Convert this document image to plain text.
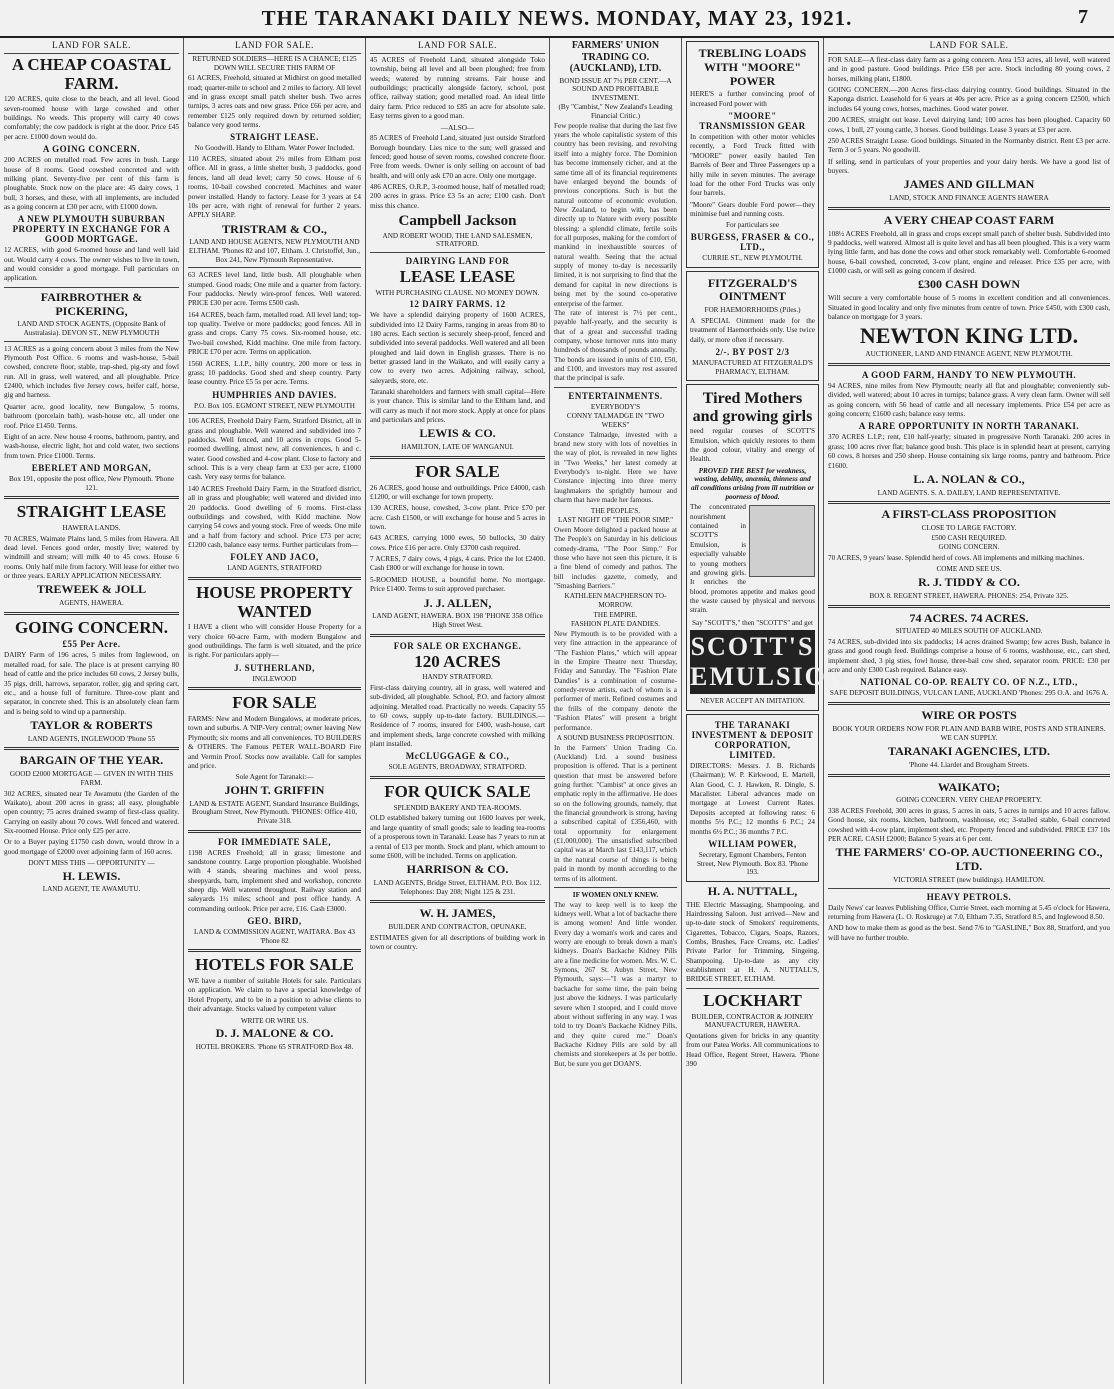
THE TARANAKI DAILY NEWS. MONDAY, MAY 23, 1921.	7
LAND FOR SALE.
A CHEAP COASTAL FARM.
120 ACRES, quite close to the beach, and all level. Good seven-roomed house with large cowshed and other buildings. No weeds. This property will carry 40 cows comfortably; the cow paddock is right at the door. Price £45 per acre. £1000 down would do.
A GOING CONCERN.
200 ACRES on metalled road. Few acres in bush. Large house of 8 rooms. Good cowshed concreted and with milking plant. Seventy-five per cent of this farm is ploughable. Stock now on the place are: 45 dairy cows, 1 bull, 3 horses, and these, with all implements, are included as a going concern at £30 per acre, with £1000 down.
A NEW PLYMOUTH SUBURBAN PROPERTY IN EXCHANGE FOR A GOOD MORTGAGE.
12 ACRES, with good 6-roomed house and land well laid out. Would carry 4 cows. The owner wishes to live in town, and would consider a good mortgage. Full particulars on application.
FAIRBROTHER & PICKERING,
LAND AND STOCK AGENTS, (Opposite Bank of Australasia). DEVON ST., NEW PLYMOUTH
13 ACRES as a going concern about 3 miles from the New Plymouth Post Office. 6 rooms and wash-house, 5-bail cowshed, concrete floor, stable, trap-shed, pig-sty and fowl run. All in grass, well watered, and all ploughable. Price £2400, which includes five Jersey cows, heifer calf, horse, gig and harness.
Quarter acre, good locality, new Bungalow, 5 rooms, bathroom (porcelain bath), wash-house etc, all under one roof. Price £1450. Terms.
Eight of an acre. New house 4 rooms, bathroom, pantry, and wash-house, electric light, hot and cold water, two sections from town. Price £1000. Terms.
EBERLET AND MORGAN,
Box 191, opposite the post office, New Plymouth. 'Phone 121.
STRAIGHT LEASE
HAWERA LANDS.
70 ACRES, Waimate Plains land, 5 miles from Hawera. All dead level. Fences good order, mostly live; watered by windmill and stream; will milk 40 to 45 cows. House 6 rooms. Only half mile from factory. Will lease for either two or three years. EARLY APPLICATION NECESSARY.
TREWEEK & JOLL
AGENTS, HAWERA.
GOING CONCERN.
£55 Per Acre.
DAIRY Farm of 196 acres, 5 miles from Inglewood, on metalled road, for sale. The place is at present carrying 80 head of cattle and the price includes 60 cows, 2 Jersey bulls, 35 pigs, drill, harrows, separator, roller, gig and spring cart, etc., and a house full of furniture. Three-cow plant and separator, in concrete shed. This is an absolutely clean farm and is being sold to wind up a partnership.
TAYLOR & ROBERTS
LAND AGENTS, INGLEWOOD 'Phone 55
BARGAIN OF THE YEAR.
GOOD £2000 MORTGAGE — GIVEN IN WITH THIS FARM.
302 ACRES, situated near Te Awamutu (the Garden of the Waikato), about 200 acres in grass; all easy, ploughable open country; 75 acres drained swamp of first-class quality. Carrying on easily about 70 cows. Well fenced and watered. Six-roomed House. Price only £25 per acre.
Or to a Buyer paying £1750 cash down, would throw in a good mortgage of £2000 over adjoining farm of 160 acres.
DON'T MISS THIS — OPPORTUNITY —
H. LEWIS.
LAND AGENT, TE AWAMUTU.
LAND FOR SALE.
RETURNED SOLDIERS—HERE IS A CHANCE; £125 DOWN WILL SECURE THIS FARM OF
61 ACRES, Freehold, situated at Midhirst on good metalled road; quarter-mile to school and 2 miles to factory. All level and in grass except small patch shelter bush. Two acres turnips, 3 acres oats and new grass. Price £66 per acre, and remember £125 only required down by returned soldier; balance very good terms.
STRAIGHT LEASE.
No Goodwill. Handy to Eltham. Water Power Included.
110 ACRES, situated about 2½ miles from Eltham post office. All in grass, a little shelter bush, 3 paddocks, good fences, land all dead level; carry 50 cows. House of 6 rooms, 10-bail cowshed concreted. Machines and water power installed. Handy to factory. Lease for 3 years at £4 10s per acre, with right of renewal for further 2 years. APPLY SHARP.
TRISTRAM & CO.,
LAND AND HOUSE AGENTS, NEW PLYMOUTH AND ELTHAM. 'Phones 82 and 107, Eltham. J. Christoffel, Jun., Box 241, New Plymouth Representative.
63 ACRES level land, little bush. All ploughable when stumped. Good roads; One mile and a quarter from factory. Four paddocks. Newly wire-proof fences. Well watered. PRICE £30 per acre. Terms £500 cash.
164 ACRES, beach farm, metalled road. All level land; top-top quality. Twelve or more paddocks; good fences. All in grass and crops. Carry 75 cows. Six-roomed house, etc. Two-bail cowshed, Kidd machine. One mile from factory. PRICE £70 per acre. Terms on application.
1560 ACRES, L.I.P., hilly country, 200 more or less in grass; 10 paddocks. Good shed and sheep country. Party lease country. Price £5 5s per acre. Terms.
HUMPHRIES AND DAVIES.
P.O. Box 105. EGMONT STREET, NEW PLYMOUTH
106 ACRES, Freehold Dairy Farm, Stratford District, all in grass and ploughable. Well watered and subdivided into 7 paddocks. Well fenced, and 10 acres in crops. Good 5-roomed dwelling, almost new, all conveniences, h and c. water. Good cowshed and 4-cow plant. Close to factory and school. This is a very cheap farm at £33 per acre, £1000 cash. Very easy terms for balance.
140 ACRES Freehold Dairy Farm, in the Stratford district, all in grass and ploughable; well watered and divided into 20 paddocks. Good dwelling of 6 rooms. First-class outbuildings and cowshed, with Kidd machine. Now carrying 54 cows and young stock. Free of weeds. One mile and a half from factory and school. Price £73 per acre; £1200 cash, balance easy terms. Further particulars from—
FOLEY AND JACO,
LAND AGENTS, STRATFORD
HOUSE PROPERTY WANTED
I HAVE a client who will consider House Property for a very choice 60-acre Farm, with modern Bungalow and good outbuildings. The farm is well situated, and the price is right. For particulars apply—
J. SUTHERLAND,
INGLEWOOD
FOR SALE
FARMS: New and Modern Bungalows, at moderate prices, town and suburbs. A 'NIP-Very central; owner leaving New Plymouth; six rooms and all conveniences. TO BUILDERS & OTHERS. The Famous PETER WALL-BOARD Fire and Vermin Proof. Stocks now available. Call for samples and price.
Sole Agent for Taranaki:—
JOHN T. GRIFFIN
LAND & ESTATE AGENT, Standard Insurance Buildings, Brougham Street, New Plymouth. 'PHONES: Office 410, Private 318.
FOR IMMEDIATE SALE,
1198 ACRES Freehold; all in grass; limestone and sandstone country. Large proportion ploughable. Woolshed with 4 stands, shearing machines and wool press, sheepyards, barn, implement shed and workshop, concrete sheep dip. Well watered throughout. Railway station and saleyards 1½ miles; school and post office handy. A commanding outlook. Price per acre, £16. Cash £3000.
GEO. BIRD,
LAND & COMMISSION AGENT, WAITARA. Box 43 'Phone 82
HOTELS FOR SALE
WE have a number of suitable Hotels for sale. Particulars on application. We claim to have a special knowledge of Hotel Property, and to be in a position to advise clients to their advantage. Stocks valued by competent valuer
WRITE OR WIRE US.
D. J. MALONE & CO.
HOTEL BROKERS. 'Phone 65 STRATFORD Box 48.
LAND FOR SALE.
45 ACRES of Freehold Land, situated alongside Toko township, being all level and all been ploughed; free from weeds; watered by running streams. Fair house and outbuildings; practically alongside factory, school, post office, railway station; good metalled road. An ideal little dairy farm. Price reduced to £85 an acre for absolute sale. Easy terms given to a good man.
—ALSO—
85 ACRES of Freehold Land, situated just outside Stratford Borough boundary. Lies nice to the sun; well grassed and fenced; good house of seven rooms, cowshed concrete floor. Free from weeds. Owner is only selling on account of bad health, and will only ask £70 an acre. Only one mortgage.
486 ACRES, O.R.P., 3-roomed house, half of metalled road; 200 acres in grass. Price £3 5s an acre; £100 cash. Don't miss this chance.
Campbell Jackson
AND ROBERT WOOD, THE LAND SALESMEN, STRATFORD.
DAIRYING LAND FOR
LEASE LEASE
WITH PURCHASING CLAUSE. NO MONEY DOWN.
12 DAIRY FARMS. 12
We have a splendid dairying property of 1600 ACRES, subdivided into 12 Dairy Farms, ranging in areas from 80 to 180 acres. Each section is securely sheep-proof, fenced and subdivided into several paddocks. Well watered and all been ploughed and laid down in English grasses. There is no better grassed land in the Waikato, and will easily carry a cow to every two acres. Adjoining railway, school, saleyards, store, etc.
Taranaki shareholders and farmers with small capital—Here is your chance. This is similar land to the Eltham land, and will carry as much if not more stock. Apply at once for plans and particulars and prices.
LEWIS & CO.
HAMILTON, LATE OF WANGANUI.
FOR SALE
26 ACRES, good house and outbuildings. Price £4000, cash £1200, or will exchange for town property.
130 ACRES, house, cowshed, 3-cow plant. Price £70 per acre. Cash £1500, or will exchange for house and 5 acres in town.
643 ACRES, carrying 1000 ewes, 50 bullocks, 30 dairy cows. Price £16 per acre. Only £3700 cash required.
7 ACRES, 7 dairy cows, 4 pigs, 4 cans. Price the lot £2400. Cash £800 or will exchange for house in town.
5-ROOMED HOUSE, a bountiful home. No mortgage. Price £1400. Terms to suit approved purchaser.
J. J. ALLEN,
LAND AGENT, HAWERA. BOX 198 'PHONE 358 Office High Street West.
FOR SALE OR EXCHANGE.
120 ACRES
HANDY STRATFORD.
First-class dairying country, all in grass, well watered and sub-divided, all ploughable. School, P.O. and factory almost adjoining. Metalled road. Practically no weeds. Capacity 55 to 60 cows, supply up-to-date factory. BUILDINGS.—Residence of 7 rooms, insured for £400, wash-house, cart and implement sheds, large concrete cowshed with milking plant installed.
McCLUGGAGE & CO.,
SOLE AGENTS, BROADWAY, STRATFORD.
FOR QUICK SALE
SPLENDID BAKERY AND TEA-ROOMS.
OLD established bakery turning out 1600 loaves per week, and large quantity of small goods; sale to leading tea-rooms of a prosperous town in Taranaki. Lease has 7 years to run at a rental of £13 per month. Stock and plant, which amount to some £600, will be included. Terms on application.
HARRISON & CO.
LAND AGENTS, Bridge Street, ELTHAM. P.O. Box 112. Telephones: Day 208; Night 125 & 231.
W. H. JAMES,
BUILDER AND CONTRACTOR, OPUNAKE.
ESTIMATES given for all descriptions of building work in town or country.
FARMERS' UNION TRADING CO. (AUCKLAND), LTD.
BOND ISSUE AT 7½ PER CENT.—A SOUND AND PROFITABLE INVESTMENT.
(By "Cambist," New Zealand's Leading Financial Critic.)
Few people realise that during the last five years the whole capitalistic system of this country has been revising, and revolving itself into a mighty force. The Dominion has become immensely richer, and at the same time all of its financial requirements have enlarged beyond the bounds of previous conceptions. Such is but the natural outcome of economic evolution. New Zealand, to begin with, has been directly up to Nature with every possible blessing: a splendid climate, fertile soils for all purposes, making for the comfort of mankind in inexhaustible sources of natural wealth. Seeing that the actual supply of money to-day is necessarily limited, it is not surprising to find that the demand for capital in new directions is being met by the sound co-operative enterprise of the farmer.
The rate of interest is 7½ per cent., payable half-yearly, and the security is that of a great and successful trading company, whose turnover runs into many hundreds of thousands of pounds annually. The bonds are issued in units of £10, £50, and £100, and investors may rest assured that the principal is safe.
ENTERTAINMENTS.
EVERYBODY'S
CONNY TALMADGE IN "TWO WEEKS"
Constance Talmadge, invested with a brand new story with lots of novelties in the way of plot, is revealed in new lights in "Two Weeks," her latest comedy at Everybody's to-night. Here we have Constance injecting into three merry laughmakers the sprightly humour and charm that have made her famous.
THE PEOPLE'S.
LAST NIGHT OF "THE POOR SIMP."
Owen Moore delighted a packed house at The People's on Saturday in his delicious comedy-drama, "The Poor Simp." For those who have not seen this picture, it is a fine blend of comedy and pathos. The bill includes gazette, comedy, and "Smashing Barriers."
KATHLEEN MACPHERSON TO-MORROW.
THE EMPIRE.
FASHION PLATE DANDIES.
New Plymouth is to be provided with a very fine attraction in the appearance of "The Fashion Plates," which will appear in the Empire Theatre next Thursday, Friday and Saturday. The "Fashion Plate Dandies" is a combination of costume-comedy-revue artists, each of whom is a performer of merit. Refined costumes and the frills of the company denote the "Fashion Plates" will present a bright performance.
A SOUND BUSINESS PROPOSITION.
In the Farmers' Union Trading Co. (Auckland) Ltd. a sound business proposition is offered. That is a pertinent question that must be answered before going further. "Cambist" at once gives an emphatic reply in the affirmative. He does so on the following grounds, namely, that the financial groundwork is strong, having a subscribed capital of £356,460, with total opportunity for enlargement (£1,000,000). The unsatisfied subscribed capital was at March last £143,117, which in the natural course of things is being paid in month by month according to the terms of its allotment.
IF WOMEN ONLY KNEW.
The way to keep well is to keep the kidneys well. What a lot of backache there is among women! And little wonder. Every day a woman's work and cares and worry are enough to break down a man's kidneys. Doan's Backache Kidney Pills are a fine medicine for women. Mrs. W. C. Symons, 267 St. Aubyn Street, New Plymouth, says:—"I was a martyr to backache for some time, the pain being just above the kidneys. I was particularly severe when I stooped, and I could move about without suffering in any way. I was told to try Doan's Backache Kidney Pills, and they quite cured me." Doan's Backache Kidney Pills are sold by all chemists and storekeepers at 3s per bottle. But, be sure you get DOAN'S.
TREBLING LOADS WITH "MOORE" POWER
HERE'S a further convincing proof of increased Ford power with
"MOORE" TRANSMISSION GEAR
In competition with other motor vehicles recently, a Ford Truck fitted with "MOORE" power easily hauled Ten Barrels of Beer and Three Passengers up a hilly mile in seven minutes. The average load for the other Ford Trucks was only four barrels.
"Moore" Gears double Ford power—they minimise fuel and running costs.
For particulars see
BURGESS, FRASER & CO., LTD.,
CURRIE ST., NEW PLYMOUTH.
FITZGERALD'S OINTMENT
FOR HAEMORRHOIDS (Piles.)
A SPECIAL Ointment made for the treatment of Haemorrhoids only. Use twice daily, or more often if necessary.
2/-. BY POST 2/3
MANUFACTURED AT FITZGERALD'S PHARMACY, ELTHAM.
Tired Mothers and growing girls
need regular courses of SCOTT'S Emulsion, which quickly restores to them the good colour, vitality and energy of Health.
PROVED THE BEST for weakness, wasting, debility, anæmia, thinness and all conditions arising from ill nutrition or poorness of blood.
The concentrated nourishment contained in SCOTT'S Emulsion, is especially valuable to young mothers and growing girls. It enriches the blood, promotes appetite and makes good the waste caused by physical and nervous strain.
Say "SCOTT'S," then "SCOTT'S" and get
SCOTT'S EMULSION
NEVER ACCEPT AN IMITATION.
THE TARANAKI INVESTMENT & DEPOSIT CORPORATION, LIMITED.
DIRECTORS: Messrs. J. B. Richards (Chairman); W. P. Kirkwood, E. Martell, Alan Good, C. J. Hawken, R. Dingle, S. Macalister. Liberal advances made on mortgage at Lowest Current Rates. Deposits accepted at following rates: 6 months 5½ P.C.; 12 months 6 P.C.; 24 months 6½ P.C.; 36 months 7 P.C.
WILLIAM POWER,
Secretary, Egmont Chambers, Fenton Street, New Plymouth. Box 83. 'Phone 193.
H. A. NUTTALL,
THE Electric Massaging, Shampooing, and Hairdressing Saloon. Just arrived—New and up-to-date stock of Smokers' requirements, Cigarettes, Tobacco, Cigars, Soaps, Razors, Combs, Brushes, Face Creams, etc. Ladies' Private Parlor for Trimming, Singeing, Shampooing. Up-to-date as any city establishment at H. A. NUTTALL'S, BRIDGE STREET, ELTHAM.
LOCKHART
BUILDER, CONTRACTOR & JOINERY MANUFACTURER, HAWERA.
Quotations given for bricks in any quantity from our Patea Works. All communications to Head Office, Regent Street, Hawera. 'Phone 390
LAND FOR SALE.
FOR SALE—A first-class dairy farm as a going concern. Area 153 acres, all level, well watered and in good pasture. Good buildings. Price £58 per acre. Stock including 80 young cows, 2 horses, milking plant, £1800.
GOING CONCERN.—200 Acres first-class dairying country. Good buildings. Situated in the Kaponga district. Leasehold for 6 years at 40s per acre. Price as a going concern £2500, which includes 64 young cows, horses, machines. Good water power.
200 ACRES, straight out lease. Level dairying land; 100 acres has been ploughed. Capacity 60 cows, 1 bull, 27 young cattle, 3 horses. Good buildings. Lease 3 years at £3 per acre.
250 ACRES Straight Lease. Good buildings. Situated in the Normanby district. Rent £3 per acre. Term 3 or 5 years. No goodwill.
If selling, send in particulars of your properties and your dairy herds. We have a good list of buyers.
JAMES AND GILLMAN
LAND, STOCK AND FINANCE AGENTS HAWERA
A VERY CHEAP COAST FARM
108½ ACRES Freehold, all in grass and crops except small patch of shelter bush. Subdivided into 9 paddocks, well watered. Almost all is quite level and has all been ploughed. This is a very warm lying little farm, and has done the cows and other stock remarkably well. Comfortable 6-roomed house, 6-bail cowshed, concreted, 3-cow plant, engine and releaser. Price £35 per acre, with £1000 cash, or will sell as going concern if desired.
£300 CASH DOWN
Will secure a very comfortable house of 5 rooms in excellent condition and all conveniences. Situated in good locality and only five minutes from centre of town. Price £450, with £300 cash, balance on mortgage for 3 years.
NEWTON KING LTD.
AUCTIONEER, LAND AND FINANCE AGENT, NEW PLYMOUTH.
A GOOD FARM, HANDY TO NEW PLYMOUTH.
94 ACRES, nine miles from New Plymouth; nearly all flat and ploughable; conveniently sub-divided, well watered; about 10 acres in turnips; balance grass. A very clean farm. Owner will sell as going concern, with 56 head of cattle and all necessary implements. Price £54 per acre as going concern; £1600 cash; balance easy terms.
A RARE OPPORTUNITY IN NORTH TARANAKI.
370 ACRES L.I.P.; rent, £10 half-yearly; situated in progressive North Taranaki. 200 acres in grass; 100 acres river flat; balance good bush. This place is in splendid heart at present, carrying 60 cows, 8 horses and 250 sheep. House containing six large rooms, pantry and bathroom. Price £1600.
L. A. NOLAN & CO.,
LAND AGENTS. S. A. DAILEY, LAND REPRESENTATIVE.
A FIRST-CLASS PROPOSITION
CLOSE TO LARGE FACTORY.
£500 CASH REQUIRED.
GOING CONCERN.
70 ACRES, 9 years' lease. Splendid herd of cows. All implements and milking machines.
COME AND SEE US.
R. J. TIDDY & CO.
BOX 8. REGENT STREET, HAWERA. PHONES: 254, Private 325.
74 ACRES. 74 ACRES.
SITUATED 40 MILES SOUTH OF AUCKLAND.
74 ACRES, sub-divided into six paddocks; 14 acres drained Swamp; few acres Bush, balance in grass and good rough feed. Buildings comprise a house of 6 rooms, washhouse, etc., cart shed, implement shed, 3 pig sties, fowl house, three-bail cow shed, separator room. PRICE: £30 per acre and only £300 Cash required. Balance easy.
NATIONAL CO-OP. REALTY CO. OF N.Z., LTD.,
SAFE DEPOSIT BUILDINGS, VULCAN LANE, AUCKLAND 'Phones: 295 O.A. and 1676 A.
WIRE OR POSTS
BOOK YOUR ORDERS NOW FOR PLAIN AND BARB WIRE, POSTS AND STRAINERS.
WE CAN SUPPLY.
TARANAKI AGENCIES, LTD.
'Phone 44. Liardet and Brougham Streets.
WAIKATO;
GOING CONCERN. VERY CHEAP PROPERTY.
338 ACRES Freehold, 300 acres in grass, 5 acres in oats, 5 acres in turnips and 10 acres fallow. Good house, six rooms, kitchen, bathroom, washhouse, etc; 3-stalled stable, 6-bail concreted cowshed with 4-cow plant, implement shed, etc. Property fenced and subdivided. PRICE £37 10s PER ACRE. CASH £2000; Balance 5 years at 6 per cent.
THE FARMERS' CO-OP. AUCTIONEERING CO., LTD.
VICTORIA STREET (new buildings). HAMILTON.
HEAVY PETROLS.
Daily News' car leaves Publishing Office, Currie Street, each morning at 5.45 o'clock for Hawera, returning from Hawera (L. O. Roskruge) at 7.0, Eltham 7.35, Stratford 8.5, and Inglewood 8.50.
AND how to make them as good as the best. Send 7/6 to "GASLINE," Box 88, Stratford, and you will have no further trouble.
